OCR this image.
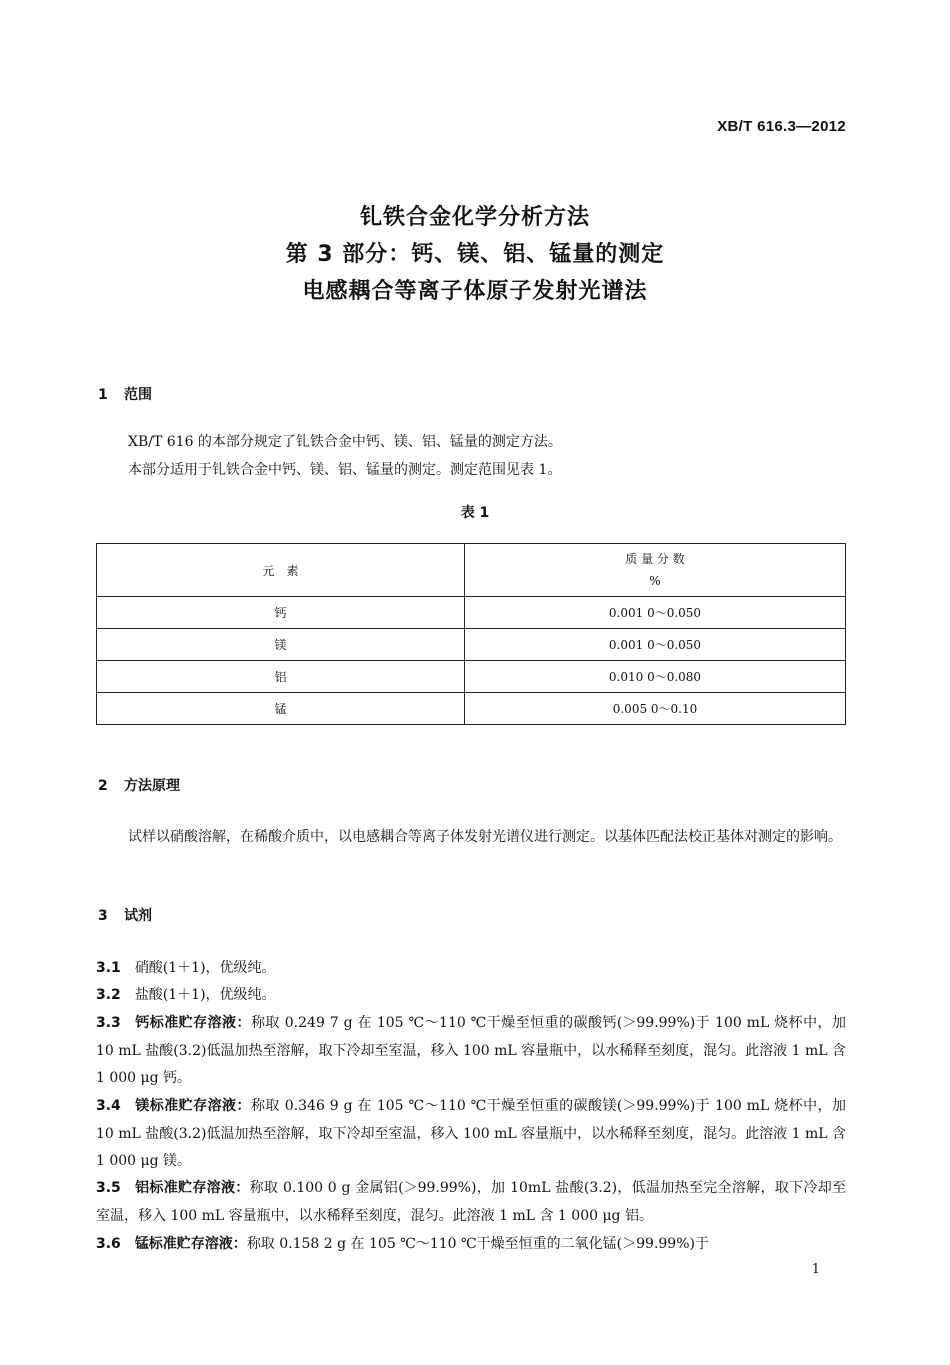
XB/T 616.3—2012
钆铁合金化学分析方法
第 3 部分：钙、镁、铝、锰量的测定
电感耦合等离子体原子发射光谱法
1 范围
XB/T 616 的本部分规定了钆铁合金中钙、镁、铝、锰量的测定方法。
本部分适用于钆铁合金中钙、镁、铝、锰量的测定。测定范围见表 1。
表 1
元　素	质 量 分 数
%

钙	0.001 0～0.050
镁	0.001 0～0.050
铝	0.010 0～0.080
锰	0.005 0～0.10
2 方法原理
试样以硝酸溶解，在稀酸介质中，以电感耦合等离子体发射光谱仪进行测定。以基体匹配法校正基体对测定的影响。
3 试剂
3.1 硝酸(1＋1)，优级纯。
3.2 盐酸(1＋1)，优级纯。
3.3 钙标准贮存溶液：称取 0.249 7 g 在 105 ℃～110 ℃干燥至恒重的碳酸钙(＞99.99%)于 100 mL 烧杯中，加 10 mL 盐酸(3.2)低温加热至溶解，取下冷却至室温，移入 100 mL 容量瓶中，以水稀释至刻度，混匀。此溶液 1 mL 含 1 000 μg 钙。
3.4 镁标准贮存溶液：称取 0.346 9 g 在 105 ℃～110 ℃干燥至恒重的碳酸镁(＞99.99%)于 100 mL 烧杯中，加 10 mL 盐酸(3.2)低温加热至溶解，取下冷却至室温，移入 100 mL 容量瓶中，以水稀释至刻度，混匀。此溶液 1 mL 含 1 000 μg 镁。
3.5 铝标准贮存溶液：称取 0.100 0 g 金属铝(＞99.99%)，加 10mL 盐酸(3.2)，低温加热至完全溶解，取下冷却至室温，移入 100 mL 容量瓶中，以水稀释至刻度，混匀。此溶液 1 mL 含 1 000 μg 铝。
3.6 锰标准贮存溶液：称取 0.158 2 g 在 105 ℃～110 ℃干燥至恒重的二氧化锰(＞99.99%)于
1
